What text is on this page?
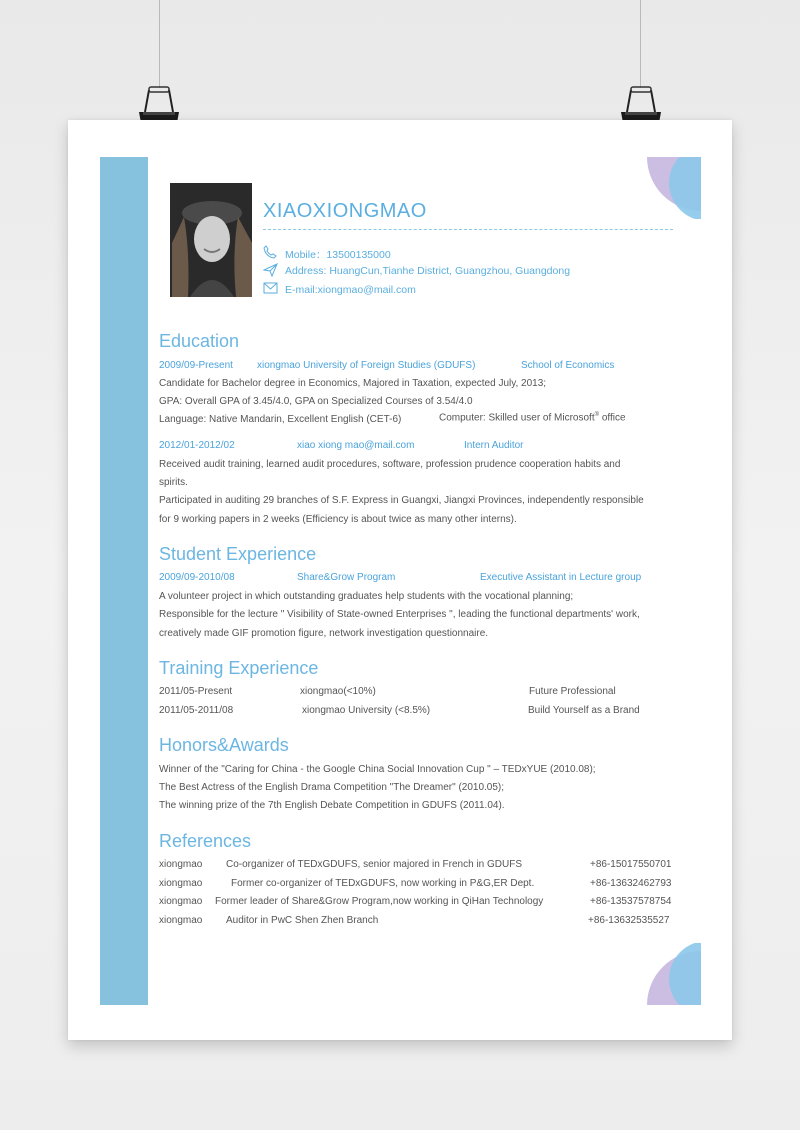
XIAOXIONGMAO
Mobile：13500135000
Address: HuangCun,Tianhe District, Guangzhou, Guangdong
E-mail:xiongmao@mail.com
Education
2009/09-Present xiongmao University of Foreign Studies (GDUFS)	School of Economics
Candidate for Bachelor degree in Economics, Majored in Taxation, expected July, 2013;
GPA: Overall GPA of 3.45/4.0, GPA on Specialized Courses of 3.54/4.0
Language: Native Mandarin, Excellent English (CET-6)	Computer: Skilled user of Microsoft® office
2012/01-2012/02	xiao xiong mao@mail.com	Intern Auditor
Received audit training, learned audit procedures, software, profession prudence cooperation habits and
spirits.
Participated in auditing 29 branches of S.F. Express in Guangxi, Jiangxi Provinces, independently responsible
for 9 working papers in 2 weeks (Efficiency is about twice as many other interns).
Student Experience
2009/09-2010/08	Share&Grow Program	Executive Assistant in Lecture group
A volunteer project in which outstanding graduates help students with the vocational planning;
Responsible for the lecture " Visibility of State-owned Enterprises ", leading the functional departments' work,
creatively made GIF promotion figure, network investigation questionnaire.
Training Experience
2011/05-Present	xiongmao(<10%)	Future Professional
2011/05-2011/08	xiongmao University (<8.5%)	Build Yourself as a Brand
Honors&Awards
Winner of the "Caring for China - the Google China Social Innovation Cup " – TEDxYUE (2010.08);
The Best Actress of the English Drama Competition "The Dreamer" (2010.05);
The winning prize of the 7th English Debate Competition in GDUFS (2011.04).
References
xiongmao Co-organizer of TEDxGDUFS, senior majored in French in GDUFS	+86-15017550701
xiongmao	Former co-organizer of TEDxGDUFS, now working in P&G,ER Dept.	+86-13632462793
xiongmao Former leader of Share&Grow Program,now working in QiHan Technology	+86-13537578754
xiongmao Auditor in PwC Shen Zhen Branch	+86-13632535527
